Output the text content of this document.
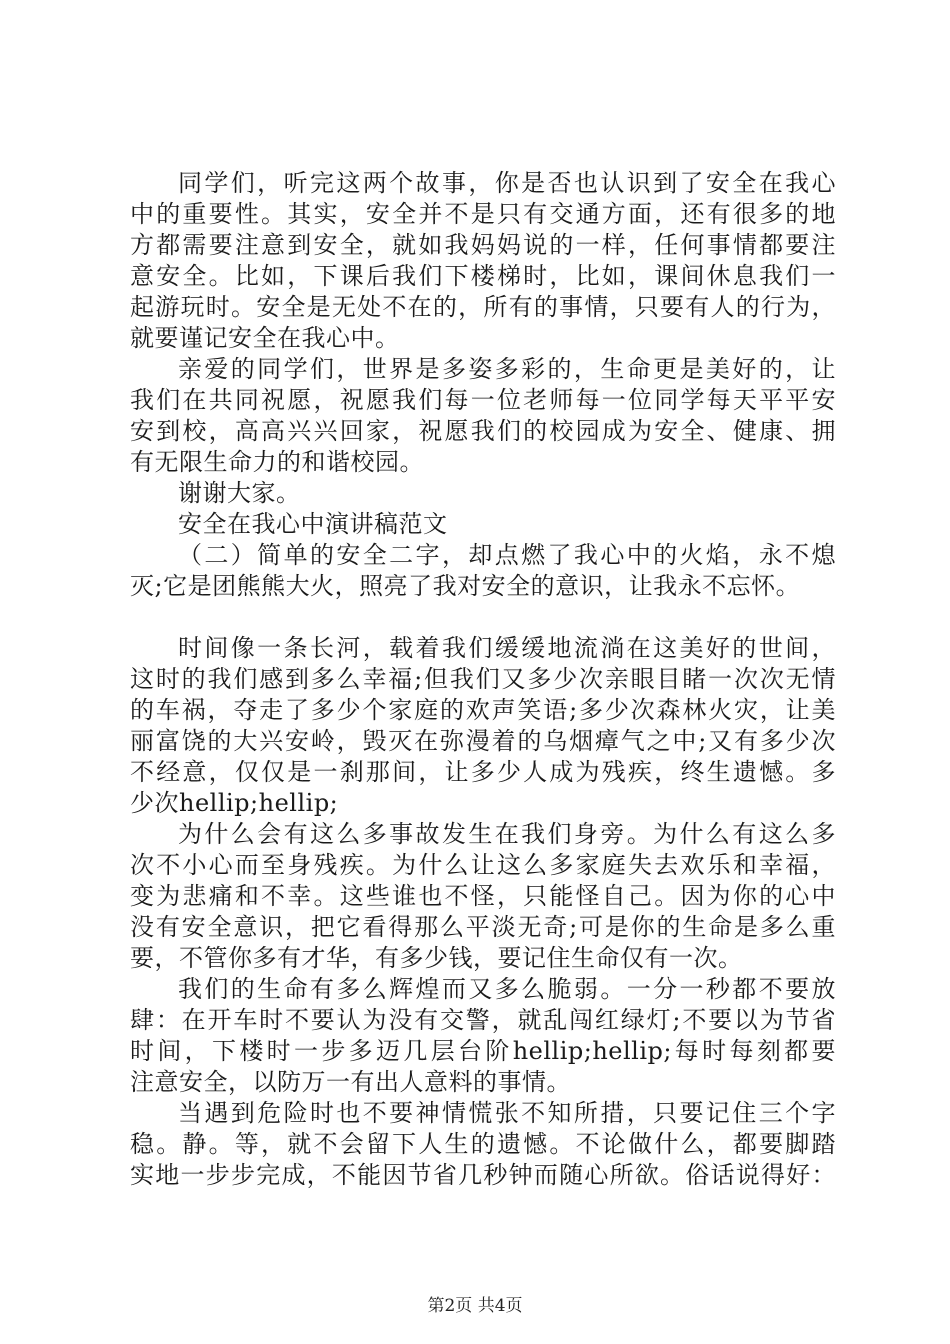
同学们，听完这两个故事，你是否也认识到了安全在我心
中的重要性。其实，安全并不是只有交通方面，还有很多的地
方都需要注意到安全，就如我妈妈说的一样，任何事情都要注
意安全。比如，下课后我们下楼梯时，比如，课间休息我们一
起游玩时。安全是无处不在的，所有的事情，只要有人的行为，
就要谨记安全在我心中。
亲爱的同学们，世界是多姿多彩的，生命更是美好的，让
我们在共同祝愿，祝愿我们每一位老师每一位同学每天平平安
安到校，高高兴兴回家，祝愿我们的校园成为安全、健康、拥
有无限生命力的和谐校园。
谢谢大家。
安全在我心中演讲稿范文
（二）简单的安全二字，却点燃了我心中的火焰，永不熄
灭;它是团熊熊大火，照亮了我对安全的意识，让我永不忘怀。
时间像一条长河，载着我们缓缓地流淌在这美好的世间，
这时的我们感到多么幸福;但我们又多少次亲眼目睹一次次无情
的车祸，夺走了多少个家庭的欢声笑语;多少次森林火灾，让美
丽富饶的大兴安岭，毁灭在弥漫着的乌烟瘴气之中;又有多少次
不经意，仅仅是一刹那间，让多少人成为残疾，终生遗憾。多
少次hellip;hellip;
为什么会有这么多事故发生在我们身旁。为什么有这么多
次不小心而至身残疾。为什么让这么多家庭失去欢乐和幸福，
变为悲痛和不幸。这些谁也不怪，只能怪自己。因为你的心中
没有安全意识，把它看得那么平淡无奇;可是你的生命是多么重
要，不管你多有才华，有多少钱，要记住生命仅有一次。
我们的生命有多么辉煌而又多么脆弱。一分一秒都不要放
肆：在开车时不要认为没有交警，就乱闯红绿灯;不要以为节省
时间，下楼时一步多迈几层台阶hellip;hellip;每时每刻都要
注意安全，以防万一有出人意料的事情。
当遇到危险时也不要神情慌张不知所措，只要记住三个字
稳。静。等，就不会留下人生的遗憾。不论做什么，都要脚踏
实地一步步完成，不能因节省几秒钟而随心所欲。俗话说得好：
第2页 共4页
